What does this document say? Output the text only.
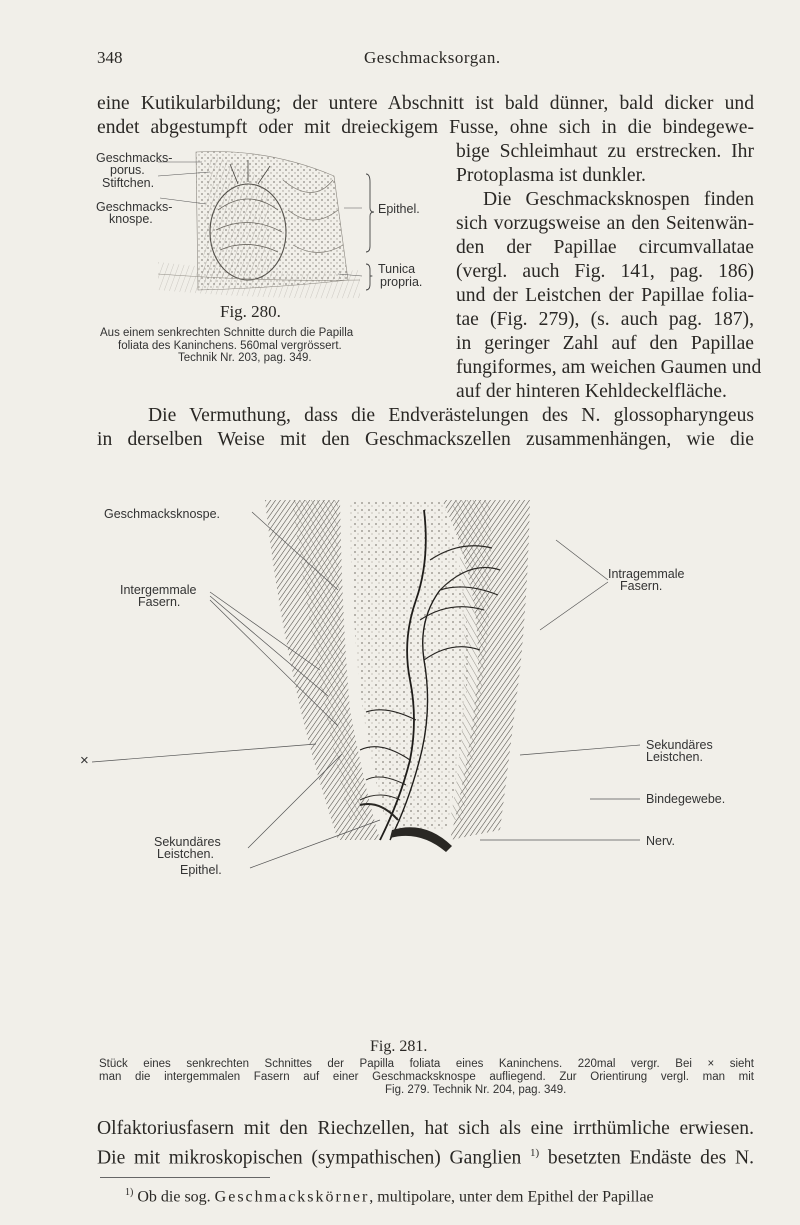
348	Geschmacksorgan.
eine Kutikularbildung; der untere Abschnitt ist bald dünner, bald dicker und
endet abgestumpft oder mit dreieckigem Fusse, ohne sich in die bindegewe-
bige Schleimhaut zu erstrecken. Ihr
Protoplasma ist dunkler.
Die Geschmacksknospen finden
sich vorzugsweise an den Seitenwän-
den der Papillae circumvallatae
(vergl. auch Fig. 141, pag. 186)
und der Leistchen der Papillae folia-
tae (Fig. 279), (s. auch pag. 187),
in geringer Zahl auf den Papillae
fungiformes, am weichen Gaumen und
auf der hinteren Kehldeckelfläche.
Geschmacks-
porus.
Stiftchen.
Geschmacks-
knospe.
Epithel.
Tunica
propria.
Fig. 280.
Aus einem senkrechten Schnitte durch die Papilla
foliata des Kaninchens. 560mal vergrössert.
Technik Nr. 203, pag. 349.
Die Vermuthung, dass die Endverästelungen des N. glossopharyngeus
in derselben Weise mit den Geschmackszellen zusammenhängen, wie die
Geschmacksknospe.
Intergemmale
Fasern.
×
Sekundäres
Leistchen.
Epithel.
Intragemmale
Fasern.
Sekundäres
Leistchen.
Bindegewebe.
Nerv.
Fig. 281.
Stück eines senkrechten Schnittes der Papilla foliata eines Kaninchens. 220mal vergr. Bei × sieht
man die intergemmalen Fasern auf einer Geschmacksknospe aufliegend. Zur Orientirung vergl. man mit
Fig. 279. Technik Nr. 204, pag. 349.
Olfaktoriusfasern mit den Riechzellen, hat sich als eine irrthümliche erwiesen.
Die mit mikroskopischen (sympathischen) Ganglien $^{1)}$ besetzten Endäste des N.
$^{1)}$ Ob die sog. Geschmackskörner, multipolare, unter dem Epithel der Papillae
